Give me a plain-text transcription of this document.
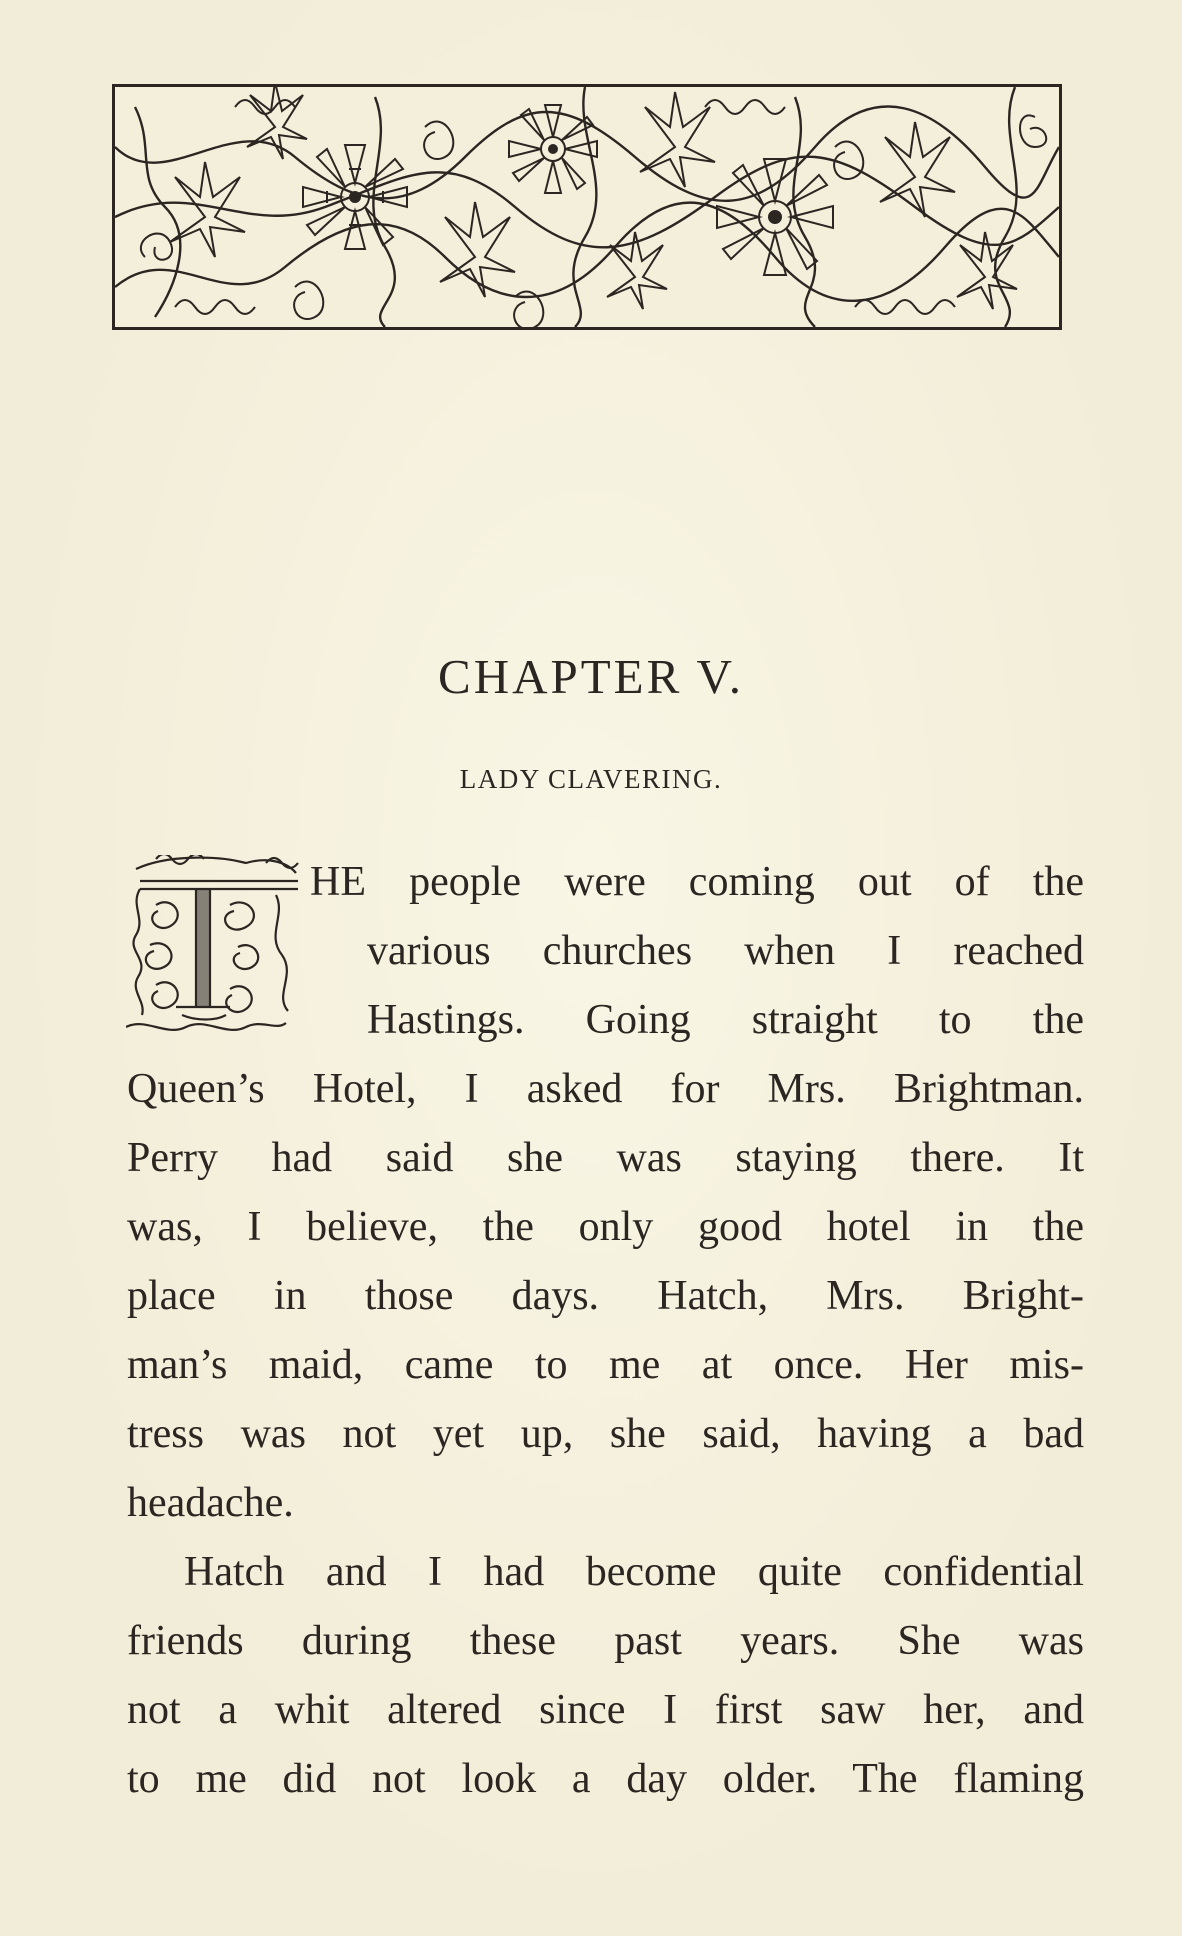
CHAPTER V.
LADY CLAVERING.
HE people were coming out of the
various churches when I reached
Hastings. Going straight to the
Queen’s Hotel, I asked for Mrs. Brightman.
Perry had said she was staying there. It
was, I believe, the only good hotel in the
place in those days. Hatch, Mrs. Bright-
man’s maid, came to me at once. Her mis-
tress was not yet up, she said, having a bad
headache.
Hatch and I had become quite confidential
friends during these past years. She was
not a whit altered since I first saw her, and
to me did not look a day older. The flaming
